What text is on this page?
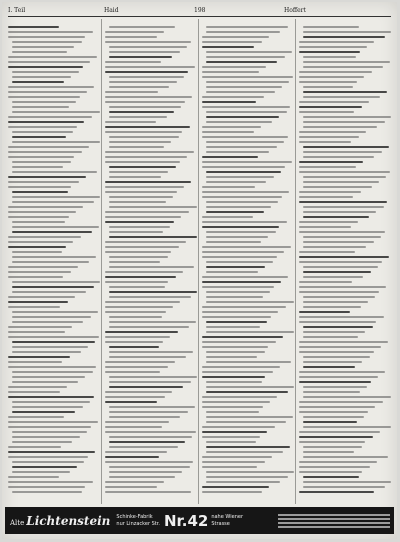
I. Teil	Haid	198	Hoffert
Alte Lichtenstein Schinke-Fabrik
nur Linzacker Str. Nr.42 nahe Wiener
Strasse
